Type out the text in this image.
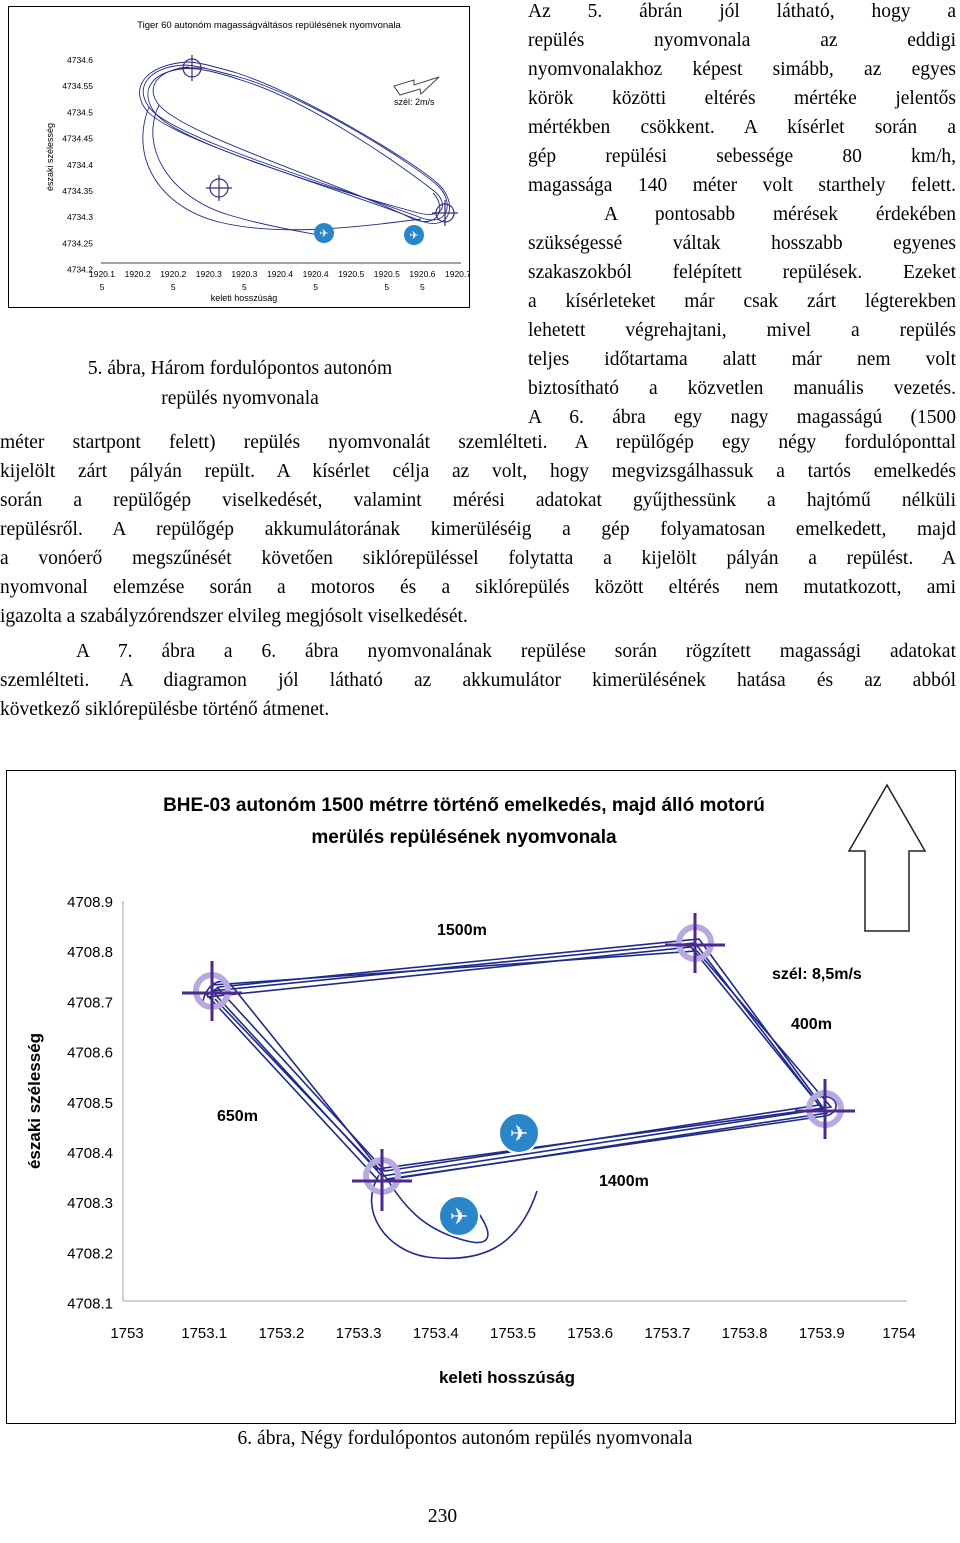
Tiger 60 autonóm magasságváltásos repülésének nyomvonala
északi szélesség
4734.6
4734.55
4734.5
4734.45
4734.4
4734.35
4734.3
4734.25
4734.2
1920.1
5
1920.2 1920.2
5
1920.3 1920.3
5
1920.4 1920.4
5
1920.5 1920.5
5
1920.6
5
1920.7
keleti hosszúság
szél: 2m/s
✈	✈
5. ábra, Három fordulópontos autonóm
repülés nyomvonala
Az 5. ábrán jól látható, hogy a
repülés nyomvonala az eddigi
nyomvonalakhoz képest simább, az egyes
körök közötti eltérés mértéke jelentős
mértékben csökkent. A kísérlet során a
gép repülési sebessége 80 km/h,
magassága 140 méter volt starthely felett.
A pontosabb mérések érdekében
szükségessé váltak hosszabb egyenes
szakaszokból felépített repülések. Ezeket
a kísérleteket már csak zárt légterekben
lehetett végrehajtani, mivel a repülés
teljes időtartama alatt már nem volt
biztosítható a közvetlen manuális vezetés.
A 6. ábra egy nagy magasságú (1500
méter startpont felett) repülés nyomvonalát szemlélteti. A repülőgép egy négy fordulóponttal
kijelölt zárt pályán repült. A kísérlet célja az volt, hogy megvizsgálhassuk a tartós emelkedés
során a repülőgép viselkedését, valamint mérési adatokat gyűjthessünk a hajtómű nélküli
repülésről. A repülőgép akkumulátorának kimerüléséig a gép folyamatosan emelkedett, majd
a vonóerő megszűnését követően siklórepüléssel folytatta a kijelölt pályán a repülést. A
nyomvonal elemzése során a motoros és a siklórepülés között eltérés nem mutatkozott, ami
igazolta a szabályzórendszer elvileg megjósolt viselkedését.
A 7. ábra a 6. ábra nyomvonalának repülése során rögzített magassági adatokat
szemlélteti. A diagramon jól látható az akkumulátor kimerülésének hatása és az abból
következő siklórepülésbe történő átmenet.
BHE-03 autonóm 1500 métrre történő emelkedés, majd álló motorú
merülés repülésének nyomvonala
északi szélesség
4708.9
4708.8
4708.7
4708.6
4708.5
4708.4
4708.3
4708.2
4708.1
1753	1753.1 1753.2 1753.3 1753.4 1753.5 1753.6 1753.7 1753.8 1753.9	1754
keleti hosszúság
1500m
szél: 8,5m/s
400m
650m
1400m
✈
✈
6. ábra, Négy fordulópontos autonóm repülés nyomvonala
230
